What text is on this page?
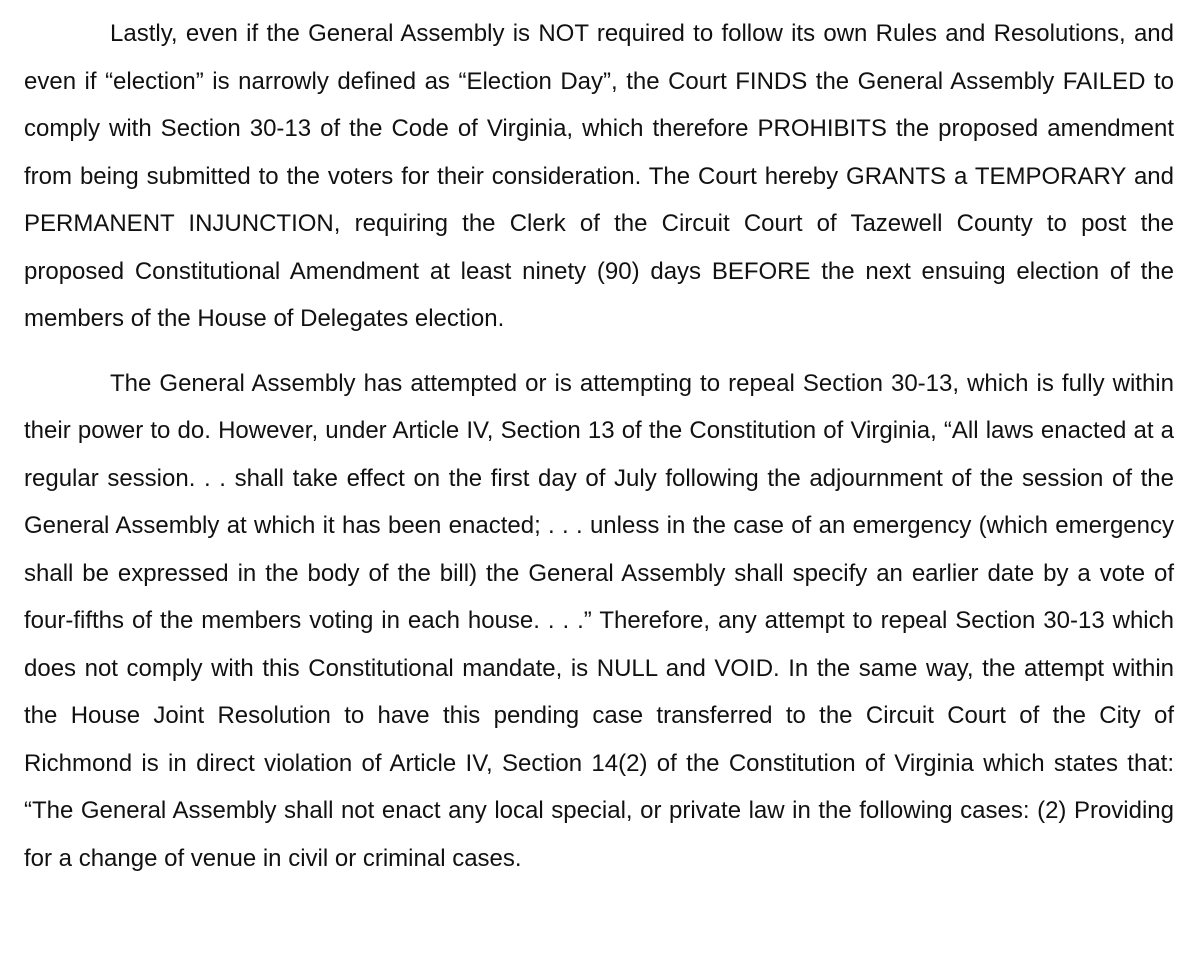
Lastly, even if the General Assembly is NOT required to follow its own Rules and Resolutions, and even if “election” is narrowly defined as “Election Day”, the Court FINDS the General Assembly FAILED to comply with Section 30-13 of the Code of Virginia, which therefore PROHIBITS the proposed amendment from being submitted to the voters for their consideration. The Court hereby GRANTS a TEMPORARY and PERMANENT INJUNCTION, requiring the Clerk of the Circuit Court of Tazewell County to post the proposed Constitutional Amendment at least ninety (90) days BEFORE the next ensuing election of the members of the House of Delegates election.

The General Assembly has attempted or is attempting to repeal Section 30-13, which is fully within their power to do. However, under Article IV, Section 13 of the Constitution of Virginia, “All laws enacted at a regular session. . . shall take effect on the first day of July following the adjournment of the session of the General Assembly at which it has been enacted; . . . unless in the case of an emergency (which emergency shall be expressed in the body of the bill) the General Assembly shall specify an earlier date by a vote of four-fifths of the members voting in each house. . . .” Therefore, any attempt to repeal Section 30-13 which does not comply with this Constitutional mandate, is NULL and VOID. In the same way, the attempt within the House Joint Resolution to have this pending case transferred to the Circuit Court of the City of Richmond is in direct violation of Article IV, Section 14(2) of the Constitution of Virginia which states that: “The General Assembly shall not enact any local special, or private law in the following cases: (2) Providing for a change of venue in civil or criminal cases.
